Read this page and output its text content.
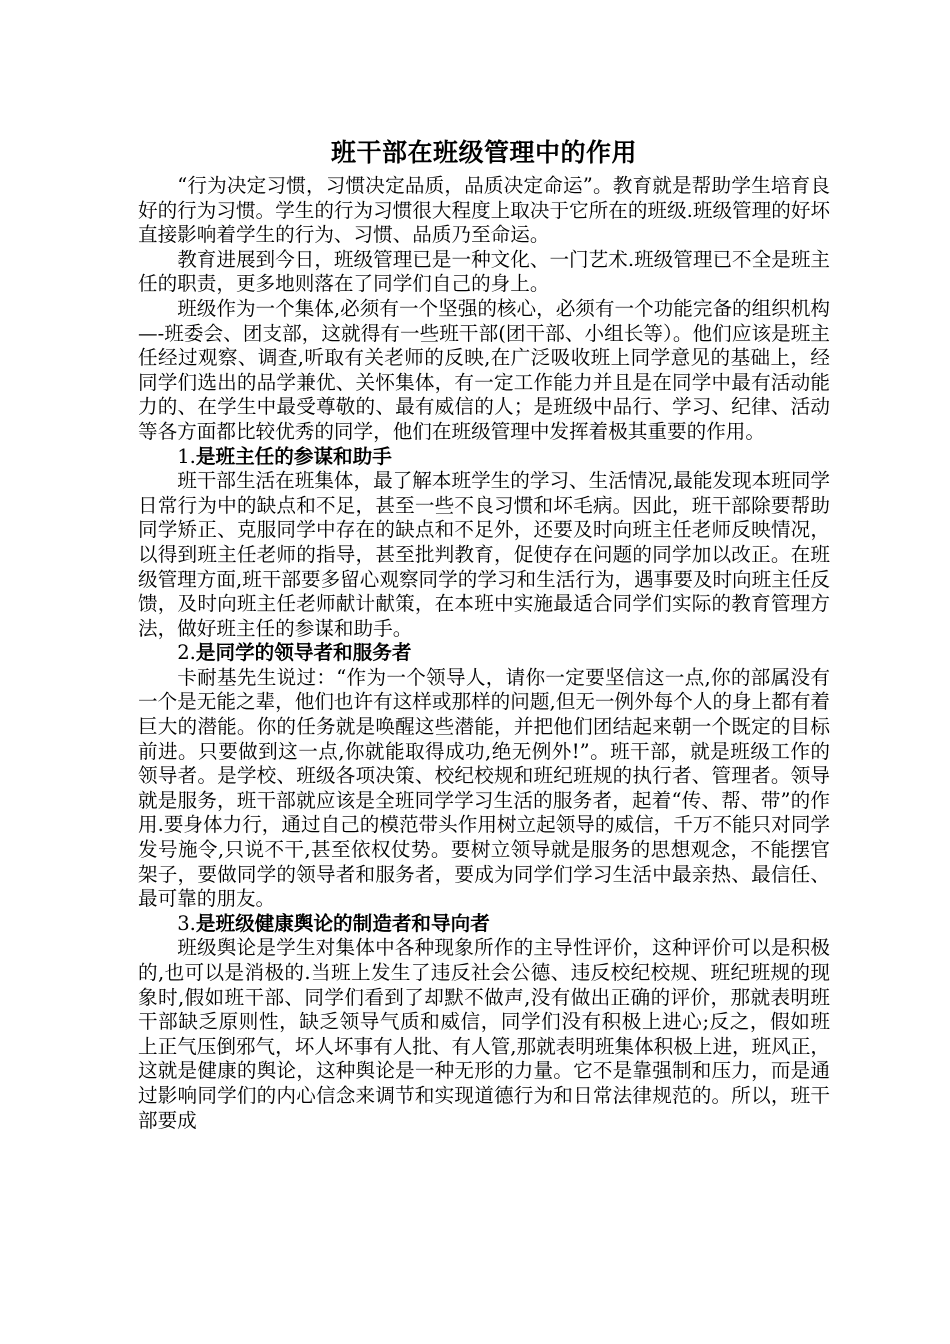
班干部在班级管理中的作用

“行为决定习惯，习惯决定品质，品质决定命运”。教育就是帮助学生培育良好的行为习惯。学生的行为习惯很大程度上取决于它所在的班级.班级管理的好坏直接影响着学生的行为、习惯、品质乃至命运。

教育进展到今日，班级管理已是一种文化、一门艺术.班级管理已不全是班主任的职责，更多地则落在了同学们自己的身上。

班级作为一个集体,必须有一个坚强的核心，必须有一个功能完备的组织机构—-班委会、团支部，这就得有一些班干部(团干部、小组长等）。他们应该是班主任经过观察、调查,听取有关老师的反映,在广泛吸收班上同学意见的基础上，经同学们选出的品学兼优、关怀集体，有一定工作能力并且是在同学中最有活动能力的、在学生中最受尊敬的、最有威信的人；是班级中品行、学习、纪律、活动等各方面都比较优秀的同学，他们在班级管理中发挥着极其重要的作用。

1.是班主任的参谋和助手

班干部生活在班集体，最了解本班学生的学习、生活情况,最能发现本班同学日常行为中的缺点和不足，甚至一些不良习惯和坏毛病。因此，班干部除要帮助同学矫正、克服同学中存在的缺点和不足外，还要及时向班主任老师反映情况，以得到班主任老师的指导，甚至批判教育，促使存在问题的同学加以改正。在班级管理方面,班干部要多留心观察同学的学习和生活行为，遇事要及时向班主任反馈，及时向班主任老师献计献策，在本班中实施最适合同学们实际的教育管理方法，做好班主任的参谋和助手。

2.是同学的领导者和服务者

卡耐基先生说过：“作为一个领导人，请你一定要坚信这一点,你的部属没有一个是无能之辈，他们也许有这样或那样的问题,但无一例外每个人的身上都有着巨大的潜能。你的任务就是唤醒这些潜能，并把他们团结起来朝一个既定的目标前进。只要做到这一点,你就能取得成功,绝无例外!”。班干部，就是班级工作的领导者。是学校、班级各项决策、校纪校规和班纪班规的执行者、管理者。领导就是服务，班干部就应该是全班同学学习生活的服务者，起着“传、帮、带”的作用.要身体力行，通过自己的模范带头作用树立起领导的威信，千万不能只对同学发号施令,只说不干,甚至依权仗势。要树立领导就是服务的思想观念，不能摆官架子，要做同学的领导者和服务者，要成为同学们学习生活中最亲热、最信任、最可靠的朋友。

3.是班级健康舆论的制造者和导向者

班级舆论是学生对集体中各种现象所作的主导性评价，这种评价可以是积极的,也可以是消极的.当班上发生了违反社会公德、违反校纪校规、班纪班规的现象时,假如班干部、同学们看到了却默不做声,没有做出正确的评价，那就表明班干部缺乏原则性，缺乏领导气质和威信，同学们没有积极上进心;反之，假如班上正气压倒邪气，坏人坏事有人批、有人管,那就表明班集体积极上进，班风正，这就是健康的舆论，这种舆论是一种无形的力量。它不是靠强制和压力，而是通过影响同学们的内心信念来调节和实现道德行为和日常法律规范的。所以，班干部要成
